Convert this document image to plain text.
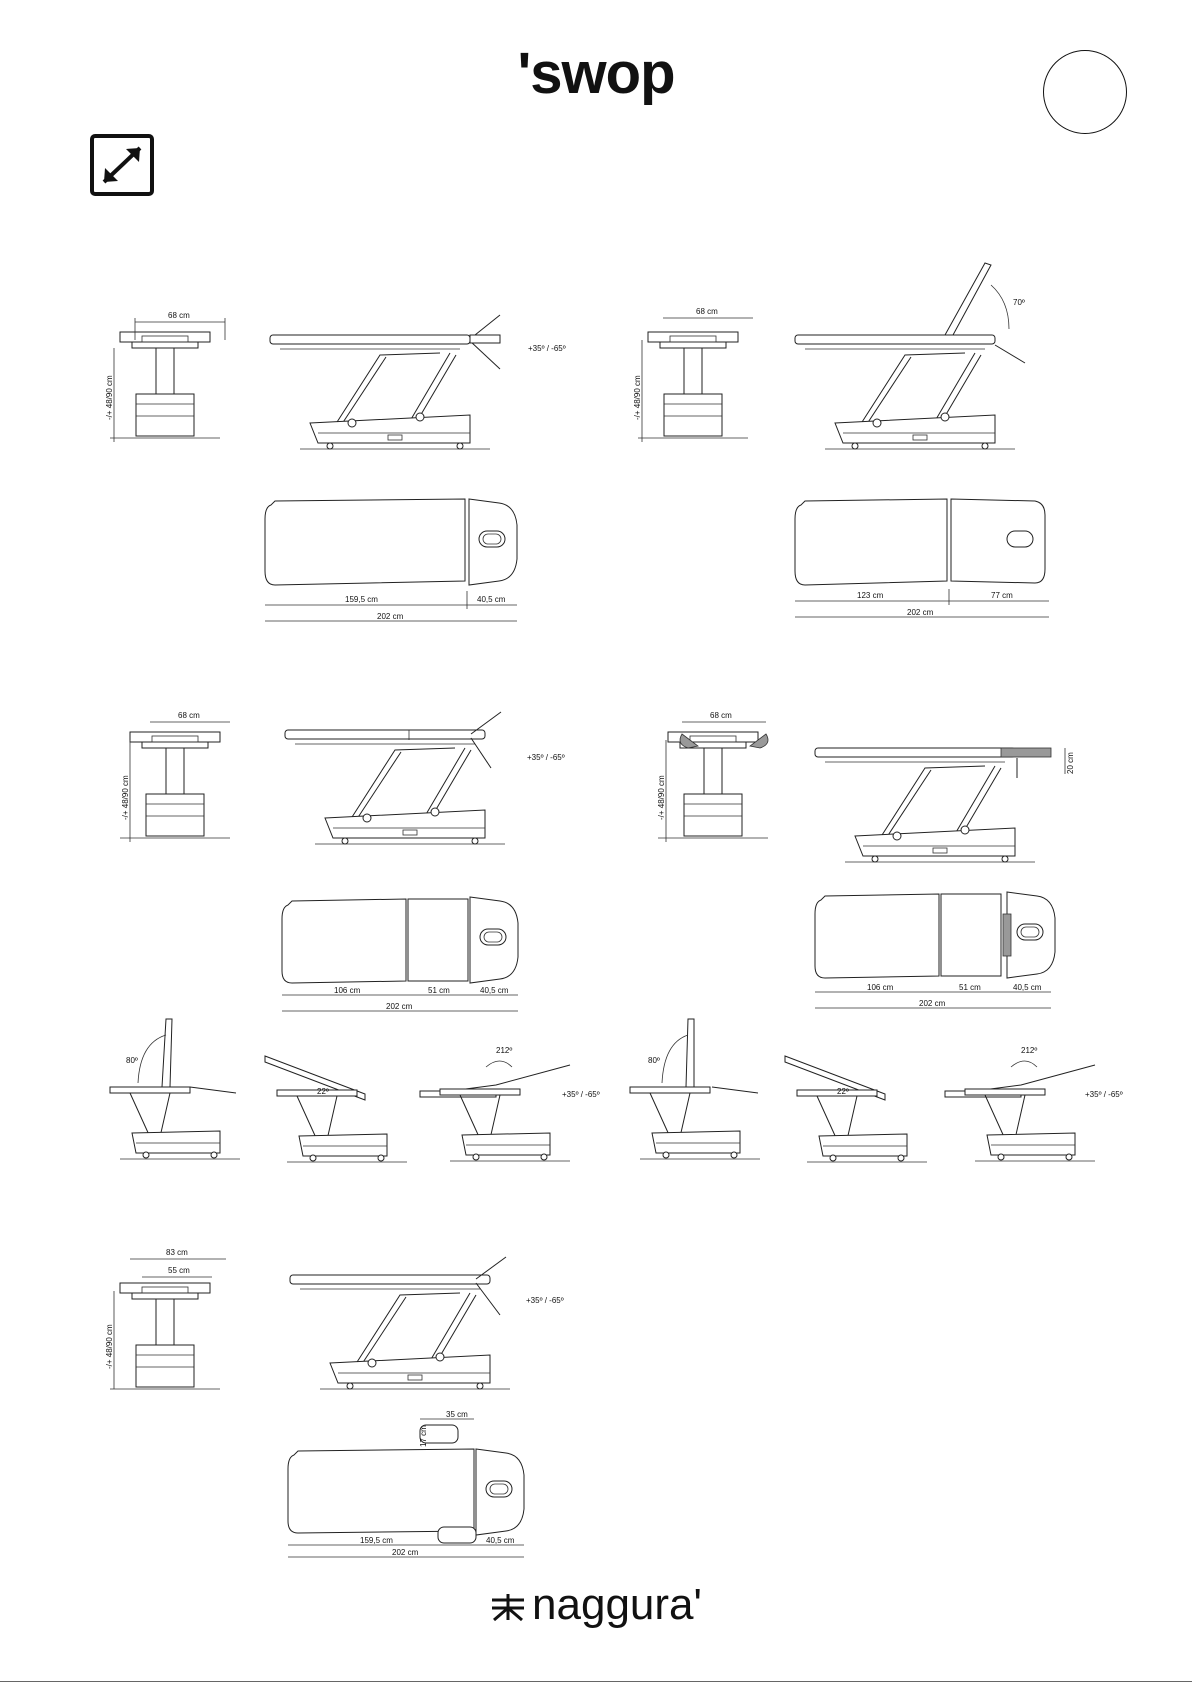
'swop
68 cm
-/+ 48/90 cm
+35º / -65º
159,5 cm	40,5 cm
202 cm
68 cm
-/+ 48/90 cm
70º
123 cm	77 cm
202 cm
68 cm
-/+ 48/90 cm
+35º / -65º
106 cm	51 cm	40,5 cm
202 cm
68 cm
-/+ 48/90 cm
20 cm
106 cm	51 cm	40,5 cm
202 cm
80º
22º
212º
+35º / -65º
80º
22º
212º
+35º / -65º
83 cm
55 cm
-/+ 48/90 cm
+35º / -65º
35 cm
17 cm
159,5 cm	40,5 cm
202 cm
naggura'
